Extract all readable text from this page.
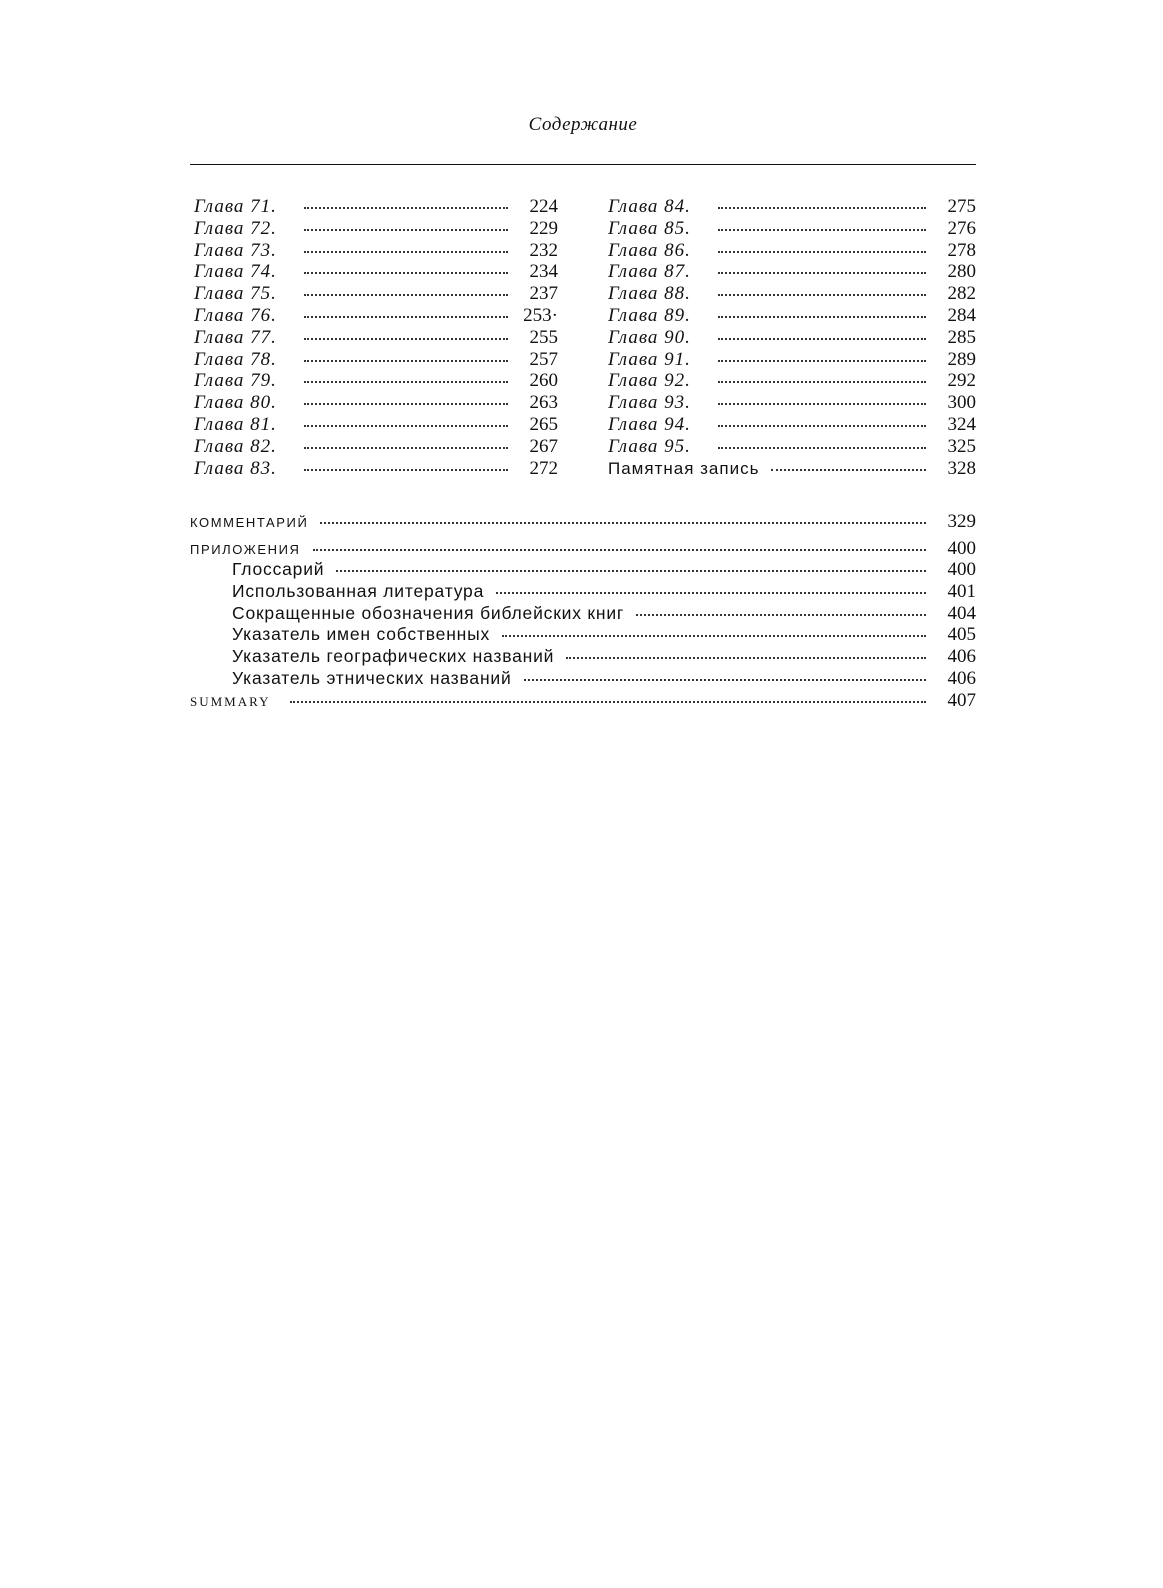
Содержание
Глава 71.	224
Глава 72.	229
Глава 73.	232
Глава 74.	234
Глава 75.	237
Глава 76.	253·
Глава 77.	255
Глава 78.	257
Глава 79.	260
Глава 80.	263
Глава 81.	265
Глава 82.	267
Глава 83.	272
Глава 84.	275
Глава 85.	276
Глава 86.	278
Глава 87.	280
Глава 88.	282
Глава 89.	284
Глава 90.	285
Глава 91.	289
Глава 92.	292
Глава 93.	300
Глава 94.	324
Глава 95.	325
Памятная запись	328
КОММЕНТАРИЙ	329
ПРИЛОЖЕНИЯ	400
Глоссарий	400
Использованная литература	401
Сокращенные обозначения библейских книг	404
Указатель имен собственных	405
Указатель географических названий	406
Указатель этнических названий	406
SUMMARY	407
